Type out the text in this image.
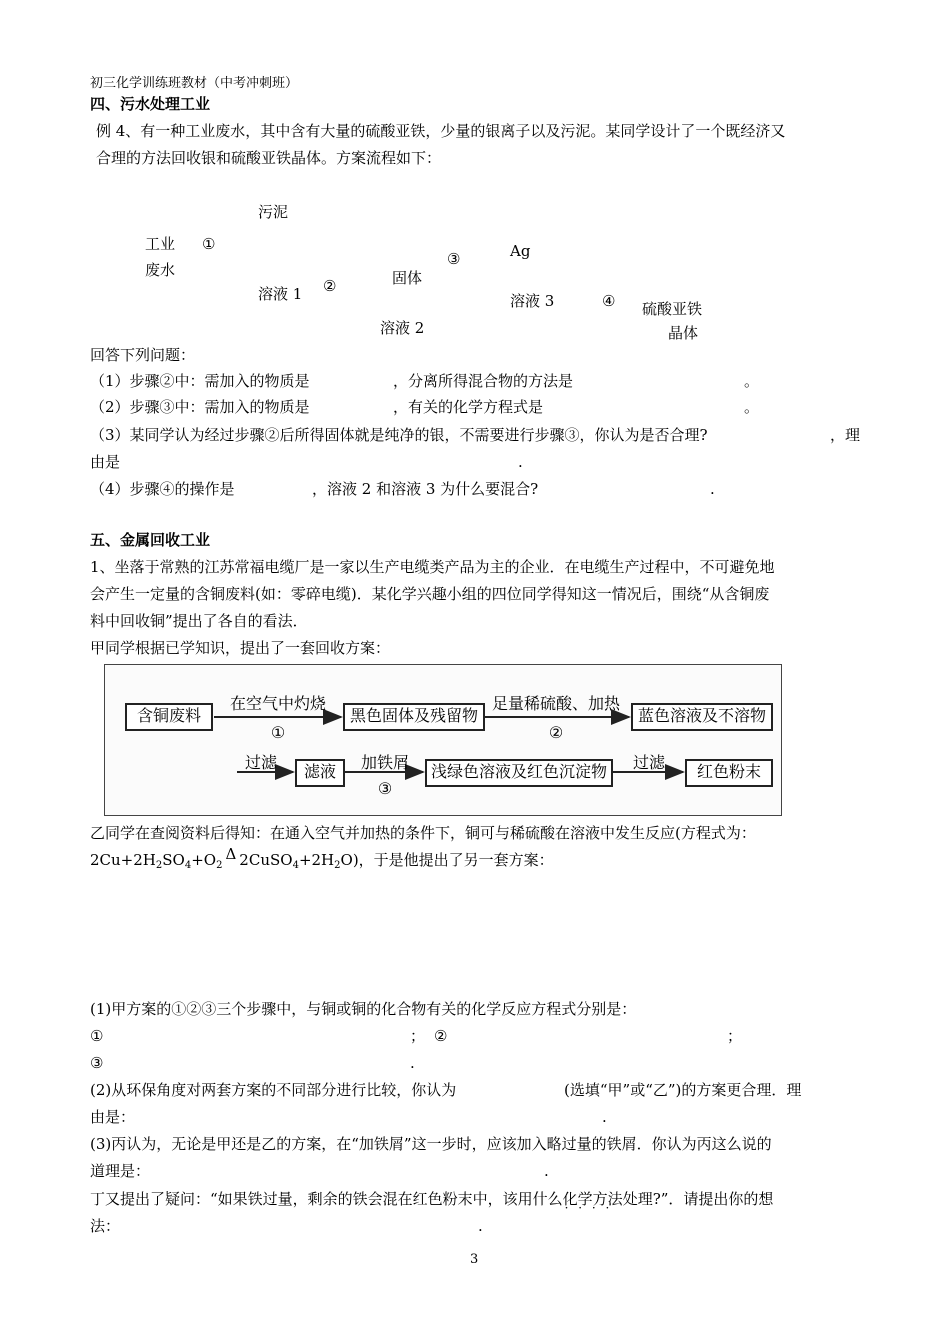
初三化学训练班教材（中考冲刺班）
四、污水处理工业
例 4、有一种工业废水，其中含有大量的硫酸亚铁，少量的银离子以及污泥。某同学设计了一个既经济又
合理的方法回收银和硫酸亚铁晶体。方案流程如下：
污泥
工业
废水
①
溶液 1 ②	固体
③	Ag
溶液 3	④
溶液 2
硫酸亚铁
晶体
回答下列问题：
（1）步骤②中：需加入的物质是	，分离所得混合物的方法是	。
（2）步骤③中：需加入的物质是	，有关的化学方程式是	。
（3）某同学认为经过步骤②后所得固体就是纯净的银，不需要进行步骤③，你认为是否合理?	，理
由是	.
（4）步骤④的操作是	，溶液 2 和溶液 3 为什么要混合?	.
五、金属回收工业
1、坐落于常熟的江苏常福电缆厂是一家以生产电缆类产品为主的企业．在电缆生产过程中，不可避免地
会产生一定量的含铜废料(如：零碎电缆)．某化学兴趣小组的四位同学得知这一情况后，围绕“从含铜废
料中回收铜”提出了各自的看法．
甲同学根据已学知识，提出了一套回收方案：
含铜废料
在空气中灼烧
①
黑色固体及残留物
足量稀硫酸、加热
②
蓝色溶液及不溶物
过滤	滤液	加铁屑
③
浅绿色溶液及红色沉淀物	过滤	红色粉末
乙同学在查阅资料后得知：在通入空气并加热的条件下，铜可与稀硫酸在溶液中发生反应(方程式为：
$2Cu+2H_2SO_4+O_2\Delta$ $2CuSO_4+2H_2O$)，于是他提出了另一套方案：
(1)甲方案的①②③三个步骤中，与铜或铜的化合物有关的化学反应方程式分别是：
①	； ②	；
③	.
(2)从环保角度对两套方案的不同部分进行比较，你认为	(选填“甲”或“乙”)的方案更合理．理
由是：	.
(3)丙认为，无论是甲还是乙的方案，在“加铁屑”这一步时，应该加入略过量的铁屑．你认为丙这么说的
道理是：	.
丁又提出了疑问：“如果铁过量，剩余的铁会混在红色粉末中，该用什么化学方法 · · · ·处理?”．请提出你的想
法：	.
3
